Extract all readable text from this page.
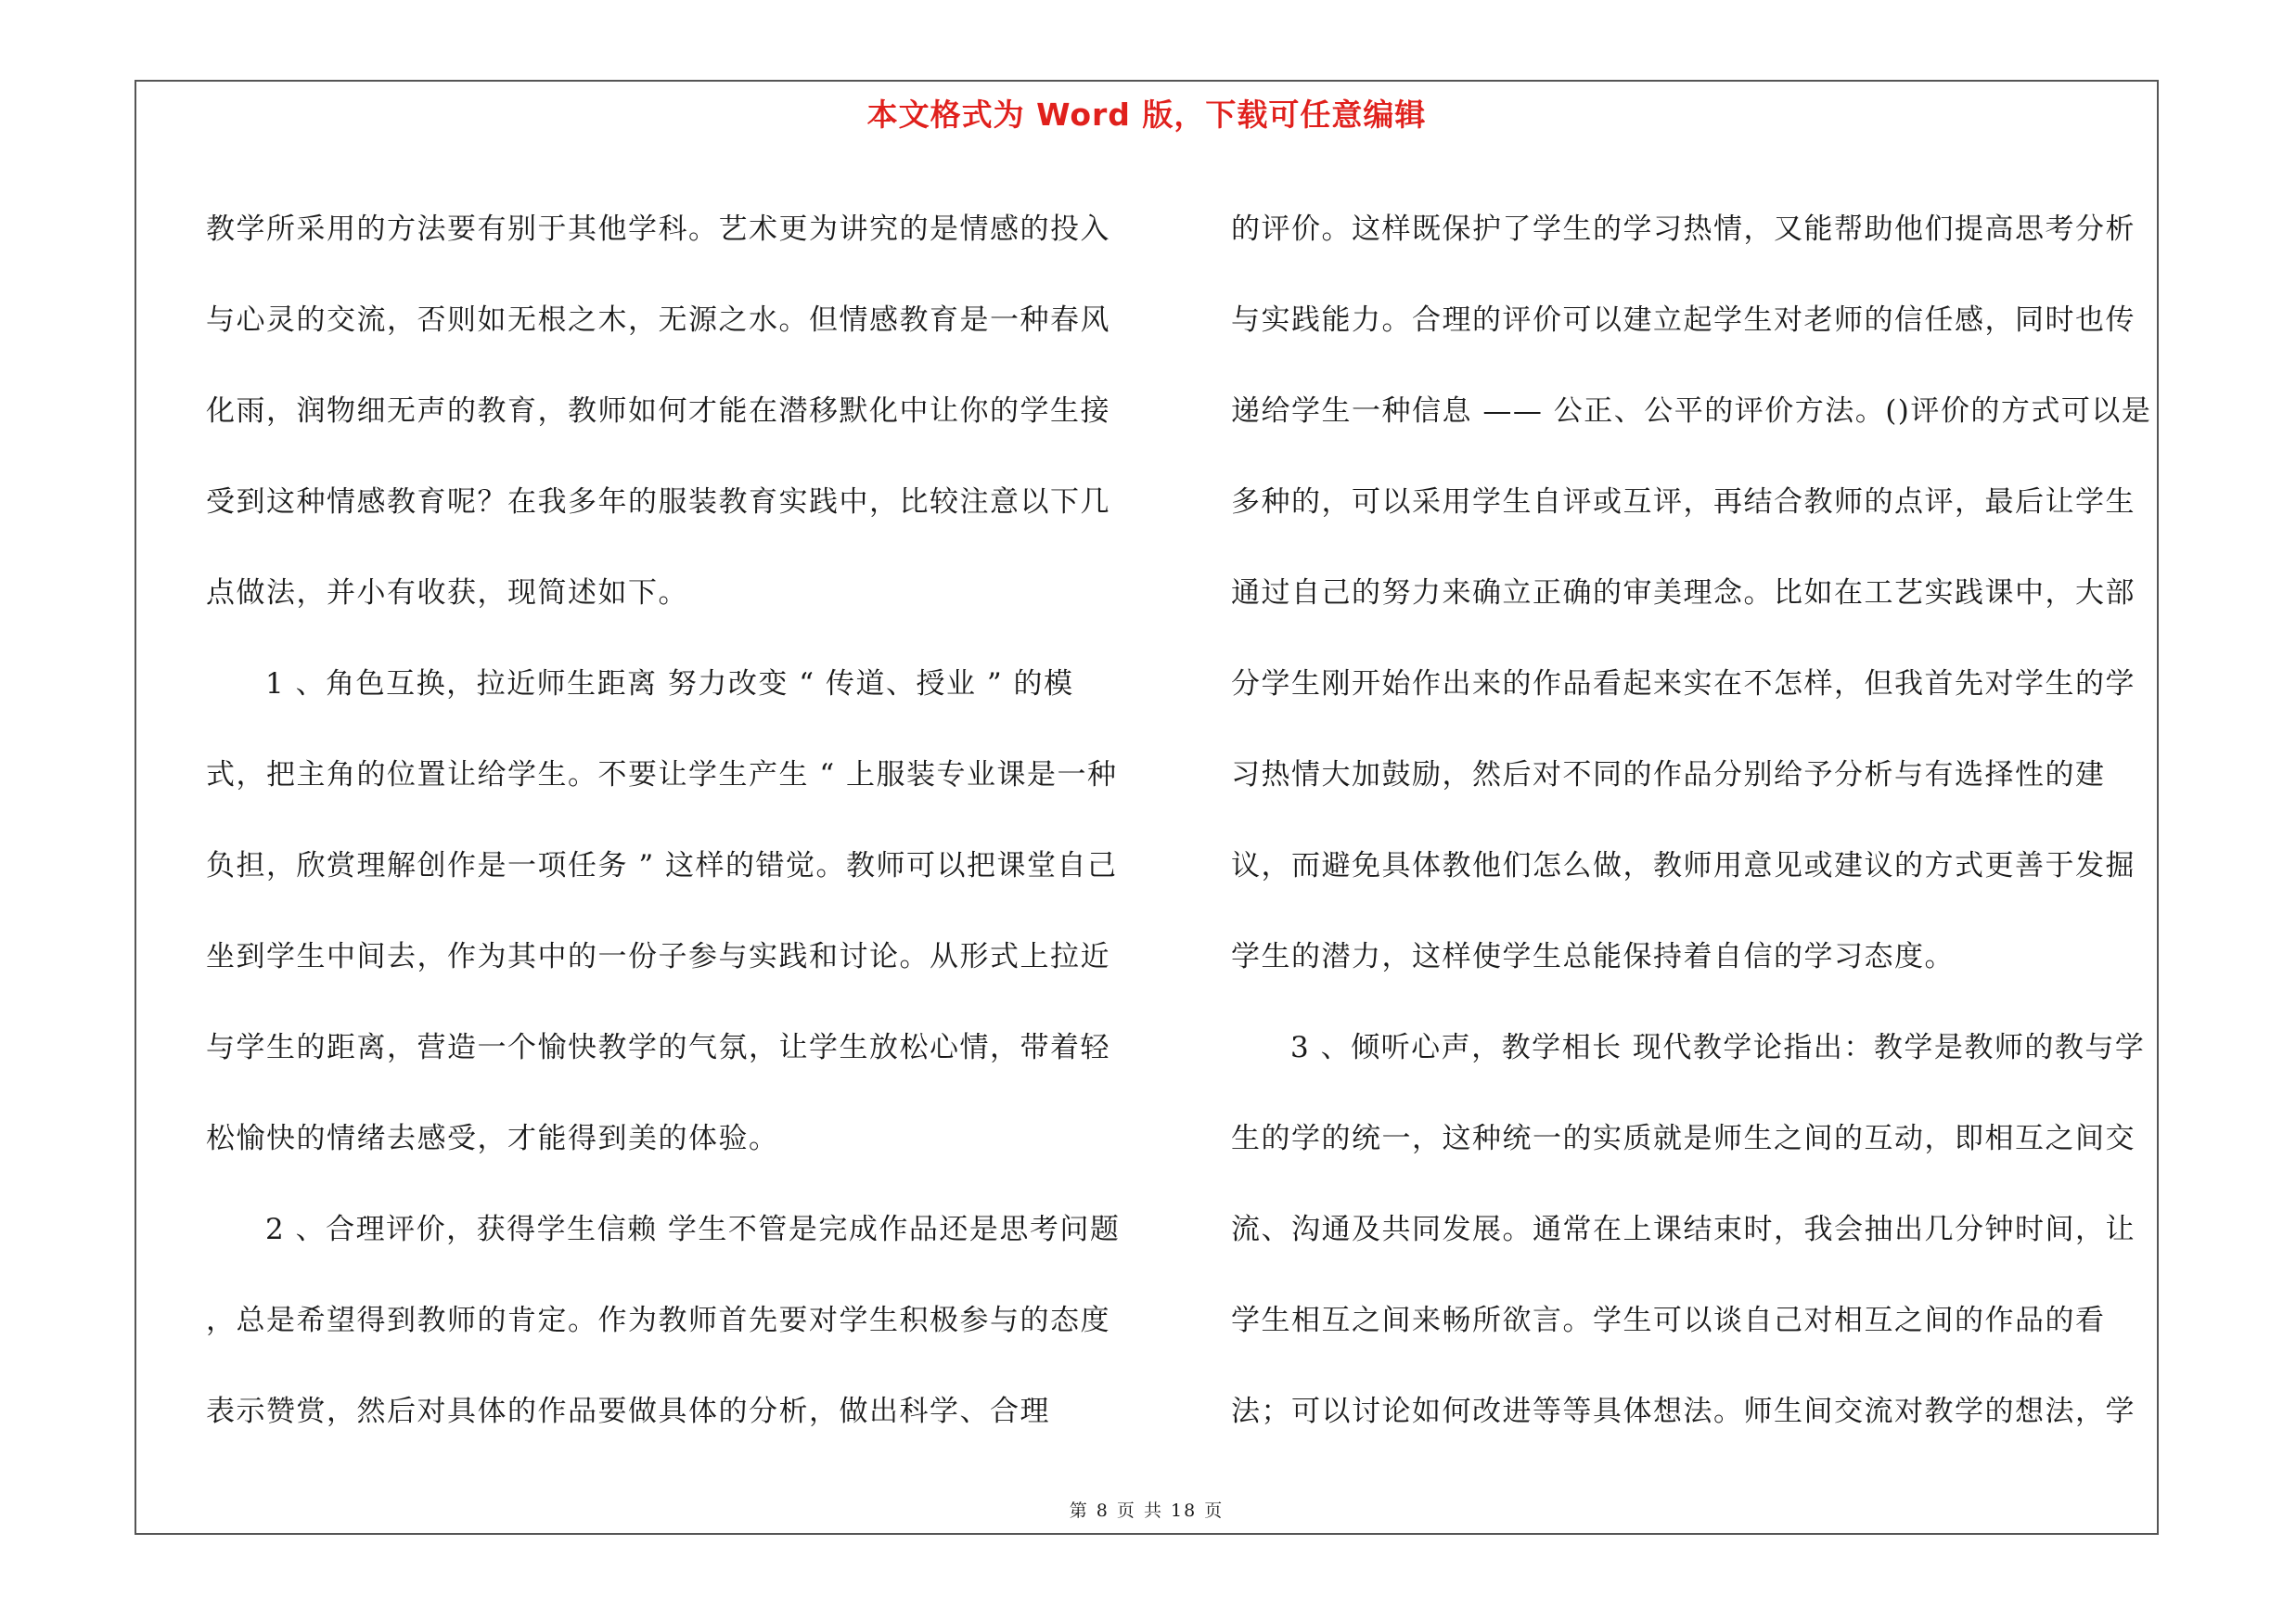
本文格式为 Word 版，下载可任意编辑

教学所采用的方法要有别于其他学科。艺术更为讲究的是情感的投入与心灵的交流，否则如无根之木，无源之水。但情感教育是一种春风化雨，润物细无声的教育，教师如何才能在潜移默化中让你的学生接受到这种情感教育呢？在我多年的服装教育实践中，比较注意以下几点做法，并小有收获，现简述如下。

1 、角色互换，拉近师生距离 努力改变 “ 传道、授业 ” 的模式，把主角的位置让给学生。不要让学生产生 “ 上服装专业课是一种负担，欣赏理解创作是一项任务 ” 这样的错觉。教师可以把课堂自己坐到学生中间去，作为其中的一份子参与实践和讨论。从形式上拉近与学生的距离，营造一个愉快教学的气氛，让学生放松心情，带着轻松愉快的情绪去感受，才能得到美的体验。

2 、合理评价，获得学生信赖 学生不管是完成作品还是思考问题 ，总是希望得到教师的肯定。作为教师首先要对学生积极参与的态度表示赞赏，然后对具体的作品要做具体的分析，做出科学、合理

的评价。这样既保护了学生的学习热情，又能帮助他们提高思考分析与实践能力。合理的评价可以建立起学生对老师的信任感，同时也传递给学生一种信息 —— 公正、公平的评价方法。()评价的方式可以是多种的，可以采用学生自评或互评，再结合教师的点评，最后让学生通过自己的努力来确立正确的审美理念。比如在工艺实践课中，大部分学生刚开始作出来的作品看起来实在不怎样，但我首先对学生的学习热情大加鼓励，然后对不同的作品分别给予分析与有选择性的建议，而避免具体教他们怎么做，教师用意见或建议的方式更善于发掘学生的潜力，这样使学生总能保持着自信的学习态度。

3 、倾听心声，教学相长 现代教学论指出：教学是教师的教与学生的学的统一，这种统一的实质就是师生之间的互动，即相互之间交流、沟通及共同发展。通常在上课结束时，我会抽出几分钟时间，让学生相互之间来畅所欲言。学生可以谈自己对相互之间的作品的看法；可以讨论如何改进等等具体想法。师生间交流对教学的想法，学

第 8 页 共 18 页
